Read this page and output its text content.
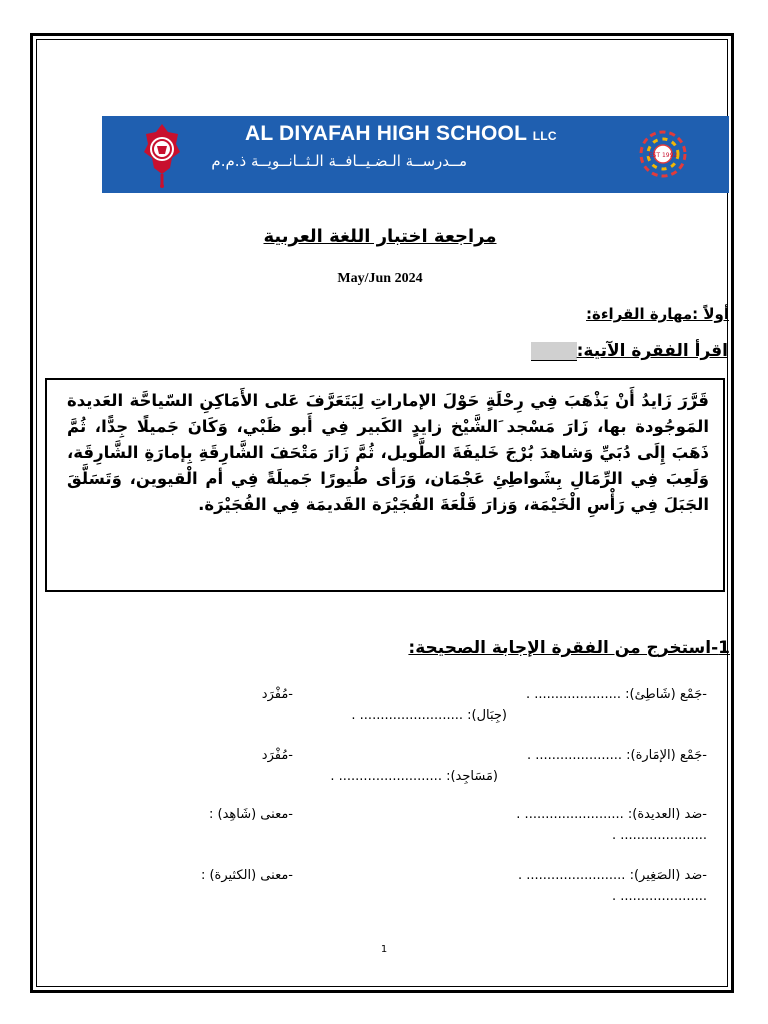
AL DIYAFAH HIGH SCHOOL LLC
مــدرســة الـضـيــافــة الـثــانــويــة ذ.م.م	EST 1992
مراجعة اختبار اللغة العربية
May/Jun 2024
أولاً :مهارة القراءة:
اقرأ الفقرة الآتية:

قَرَّرَ زَايدُ أَنْ يَذْهَبَ فِي رِحْلَةٍ حَوْلَ الإماراتِ لِيَتَعَرَّفَ عَلى الأَمَاكِنِ السّياحَّة العَديدة المَوجُودة بها، زَارَ مَسْجد َالشَّيْخ زايدٍ الكَبير فِي أَبو ظَبْي، وَكَانَ جَميلًا جِدًّا، ثُمَّ ذَهَبَ إِلَى دُبَيِّ وَشاهدَ بُرْجَ خَليفَةَ الطَّويل، ثُمَّ زَارَ مَتْحَفَ الشَّارِقَةِ بِإمارَةِ الشَّارِقَة، وَلَعِبَ فِي الرِّمَالِ بِشَواطِئِ عَجْمَان، وَرَأى طُيورًا جَميلَةً فِي أم الْقيوين، وَتَسَلَّقَ الجَبَلَ فِي رَأْسِ الْخَيْمَة، وَزارَ قَلْعَةَ الفُجَيْرَة القَديمَة فِي الفُجَيْرَة.

1-استخرج من الفقرة الإجابة الصحيحة:
-جَمْع (شَاطِئ): ..................... .
(جِبَال): ......................... .
-مُفْرَد
-جَمْع (الإمَارة): ..................... .
(مَسَاجِد): ......................... .
-مُفْرَد
-ضد (العديدة): ........................ .
..................... .
-معنى (شَاهِد) :
-ضد (الصَغِير): ........................ .
..................... .
-معنى (الكثيرة) :
1
